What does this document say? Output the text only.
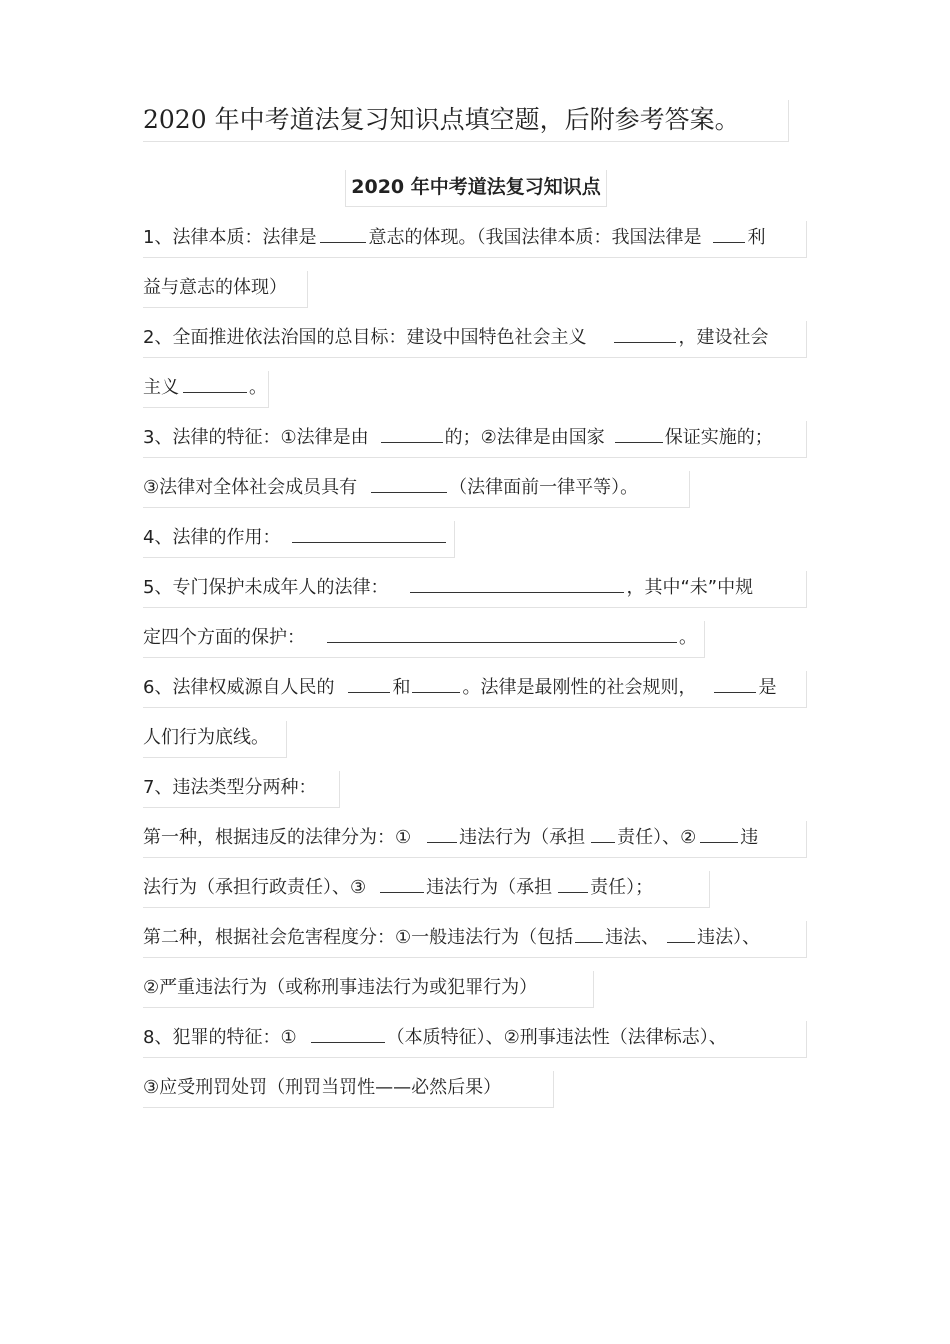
2020 年中考道法复习知识点填空题，后附参考答案。
2020 年中考道法复习知识点
1、法律本质：法律是	意志的体现。（我国法律本质：我国法律是	利
益与意志的体现）
2、全面推进依法治国的总目标：建设中国特色社会主义	，建设社会
主义	。
3、法律的特征：①法律是由	的；②法律是由国家	保证实施的；
③法律对全体社会成员具有	（法律面前一律平等）。
4、法律的作用：
5、专门保护未成年人的法律：	，其中“未”中规
定四个方面的保护：	。
6、法律权威源自人民的	和	。法律是最刚性的社会规则，	是
人们行为底线。
7、违法类型分两种：
第一种，根据违反的法律分为：①	违法行为（承担 责任）、② 违
法行为（承担行政责任）、③	违法行为（承担 责任）；
第二种，根据社会危害程度分：①一般违法行为（包括 违法、 违法）、
②严重违法行为（或称刑事违法行为或犯罪行为）
8、犯罪的特征：①	（本质特征）、②刑事违法性（法律标志）、
③应受刑罚处罚（刑罚当罚性——必然后果）
